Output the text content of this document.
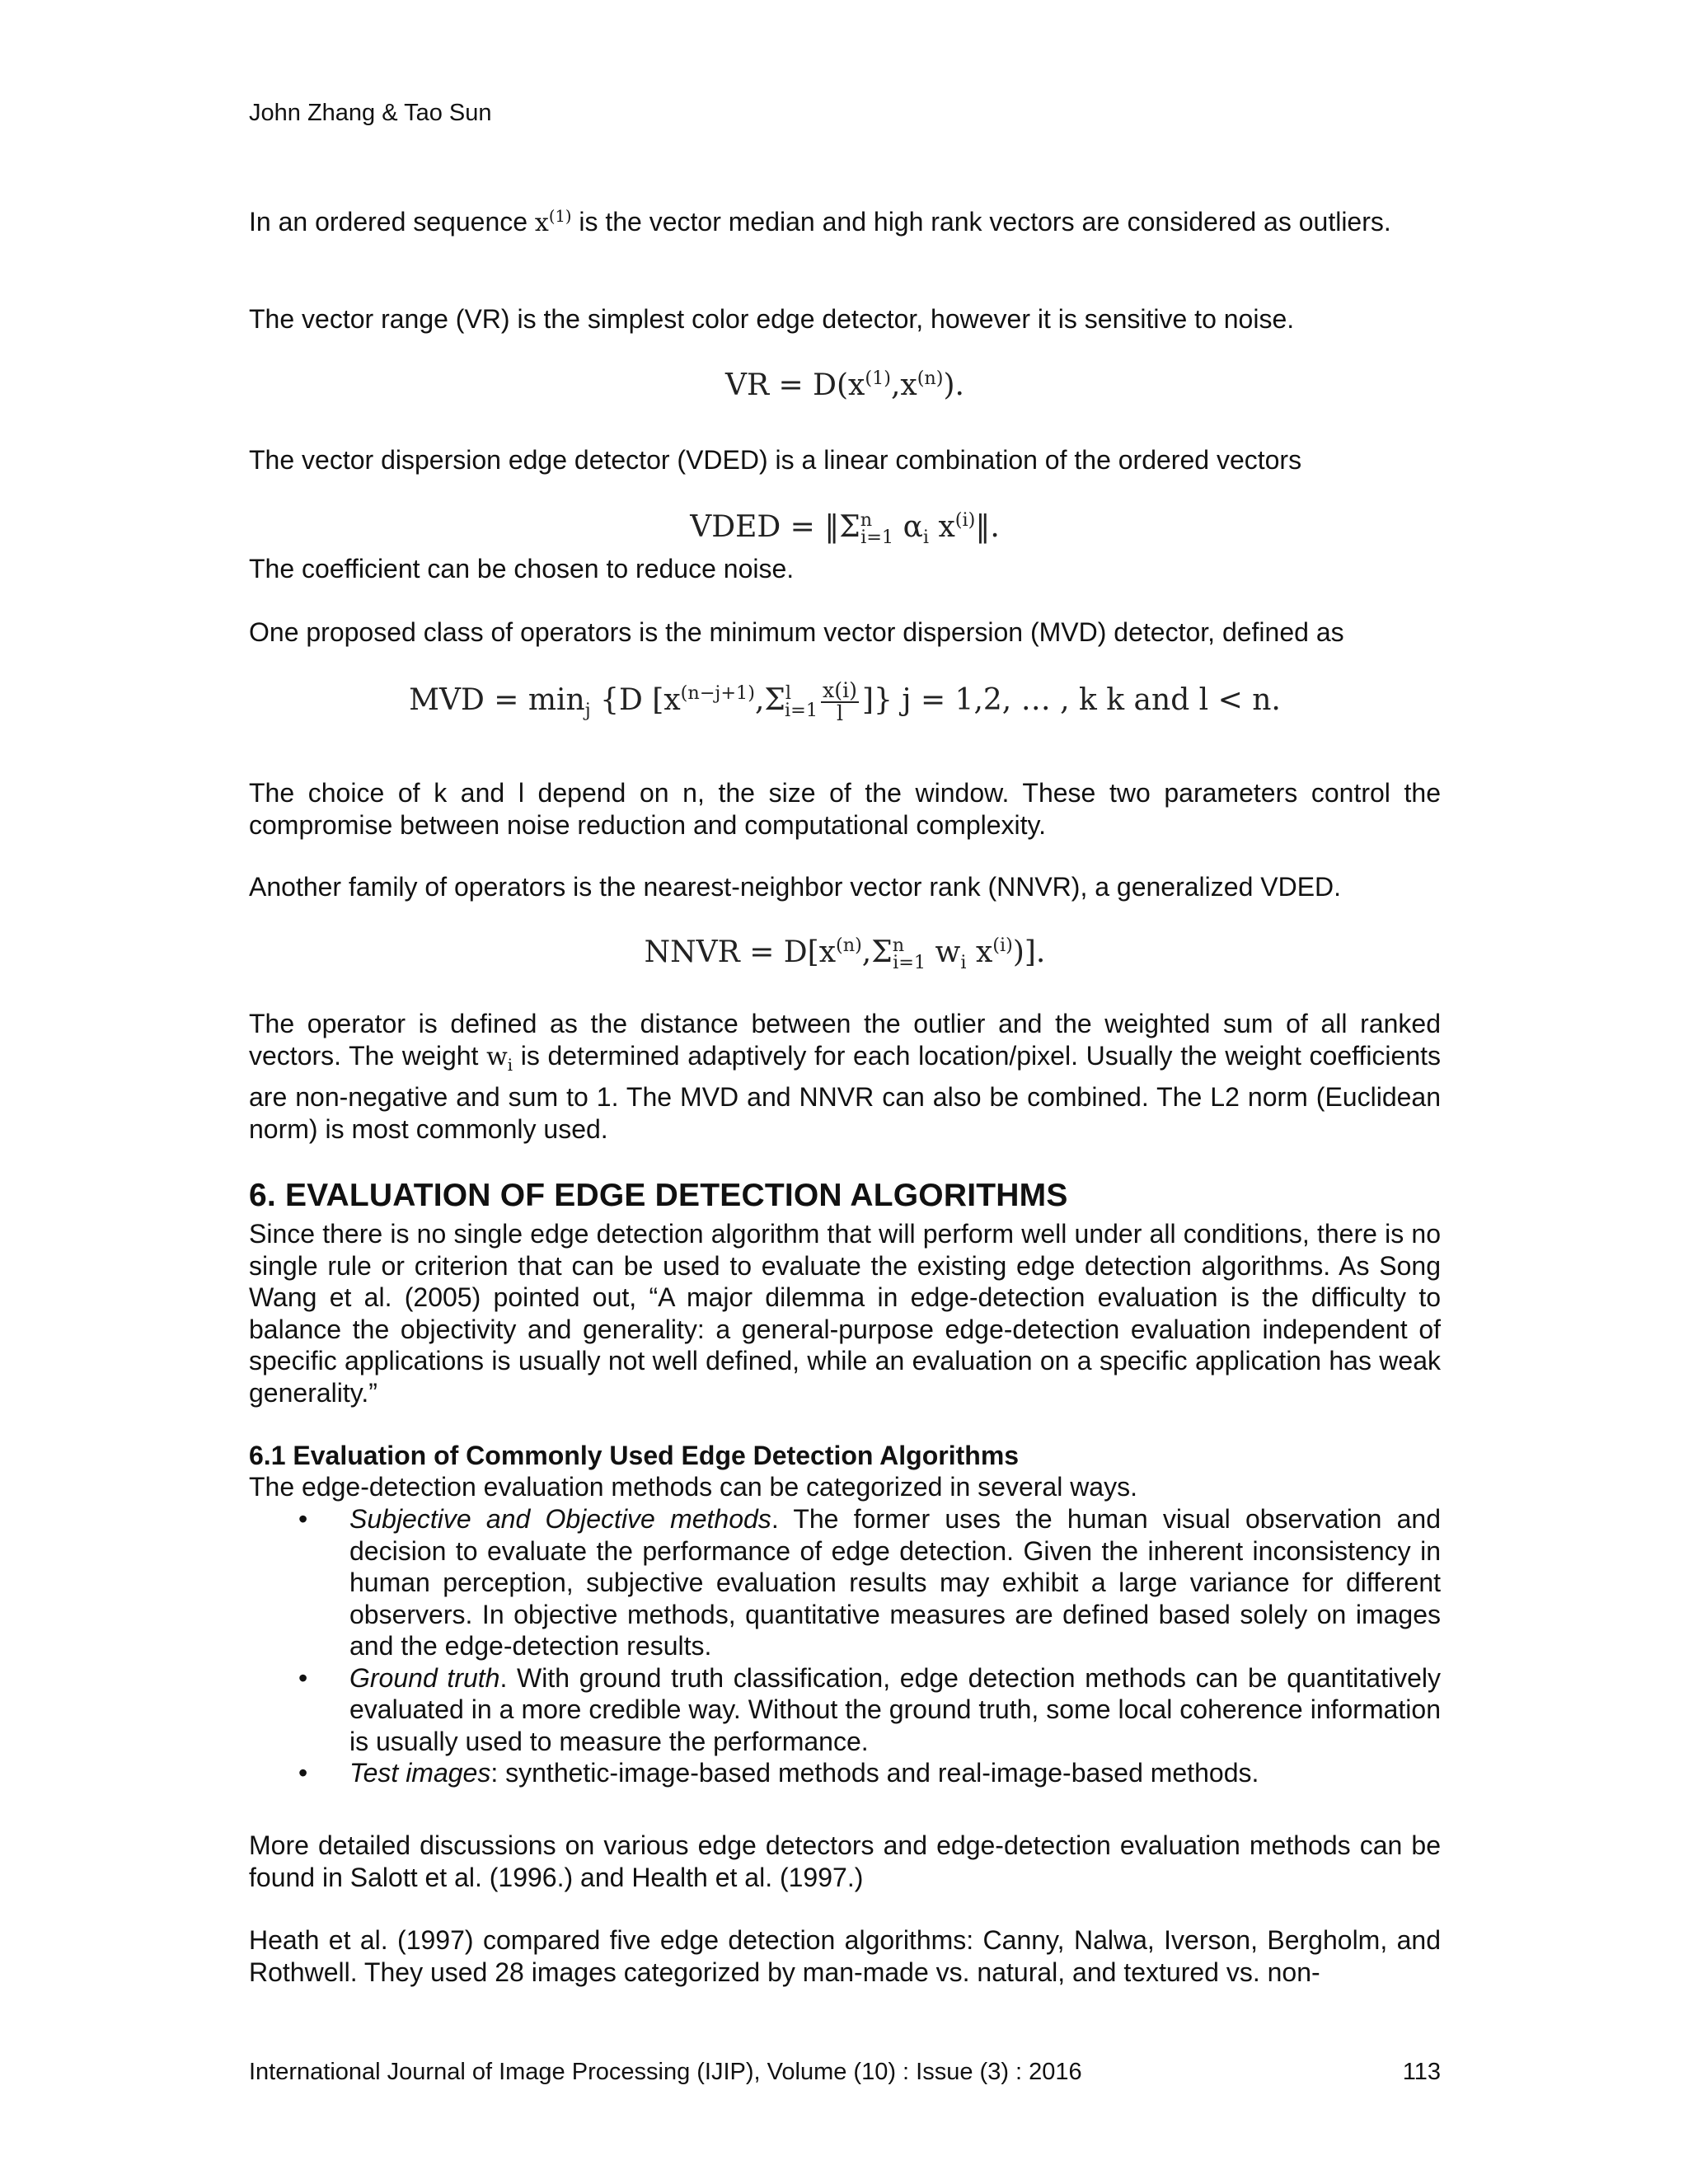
John Zhang & Tao Sun

In an ordered sequence $x^{(1)}$ is the vector median and high rank vectors are considered as outliers.

The vector range (VR) is the simplest color edge detector, however it is sensitive to noise.

VR = $D(x^{(1)},x^{(n)})$.

The vector dispersion edge detector (VDED) is a linear combination of the ordered vectors

VDED = $‖\Sigma^n_{i=1}$ $\alpha_i$ $x^{(i)}‖$.

The coefficient can be chosen to reduce noise.

One proposed class of operators is the minimum vector dispersion (MVD) detector, defined as

MVD = $\min_j \{D$ [$x^{(n-j+1)},\Sigma^l_{i=1} \frac{x(i)}{l}$ ]} j = 1,2, … , k k and l < n.

The choice of k and l depend on n, the size of the window. These two parameters control the compromise between noise reduction and computational complexity.

Another family of operators is the nearest-neighbor vector rank (NNVR), a generalized VDED.

NNVR = $D[x^{(n)},\Sigma^n_{i=1}$ $w_i$ $x^{(i)}$)].

The operator is defined as the distance between the outlier and the weighted sum of all ranked vectors. The weight $w_i$ is determined adaptively for each location/pixel. Usually the weight coefficients are non-negative and sum to 1. The MVD and NNVR can also be combined. The L2 norm (Euclidean norm) is most commonly used.

6. EVALUATION OF EDGE DETECTION ALGORITHMS

Since there is no single edge detection algorithm that will perform well under all conditions, there is no single rule or criterion that can be used to evaluate the existing edge detection algorithms. As Song Wang et al. (2005) pointed out, “A major dilemma in edge-detection evaluation is the difficulty to balance the objectivity and generality: a general-purpose edge-detection evaluation independent of specific applications is usually not well defined, while an evaluation on a specific application has weak generality.”

6.1 Evaluation of Commonly Used Edge Detection Algorithms

The edge-detection evaluation methods can be categorized in several ways.

• Subjective and Objective methods. The former uses the human visual observation and decision to evaluate the performance of edge detection. Given the inherent inconsistency in human perception, subjective evaluation results may exhibit a large variance for different observers. In objective methods, quantitative measures are defined based solely on images and the edge-detection results.
• Ground truth. With ground truth classification, edge detection methods can be quantitatively evaluated in a more credible way. Without the ground truth, some local coherence information is usually used to measure the performance.
• Test images: synthetic-image-based methods and real-image-based methods.

More detailed discussions on various edge detectors and edge-detection evaluation methods can be found in Salott et al. (1996.) and Health et al. (1997.)

Heath et al. (1997) compared five edge detection algorithms: Canny, Nalwa, Iverson, Bergholm, and Rothwell. They used 28 images categorized by man-made vs. natural, and textured vs. non-

International Journal of Image Processing (IJIP), Volume (10) : Issue (3) : 2016	113
